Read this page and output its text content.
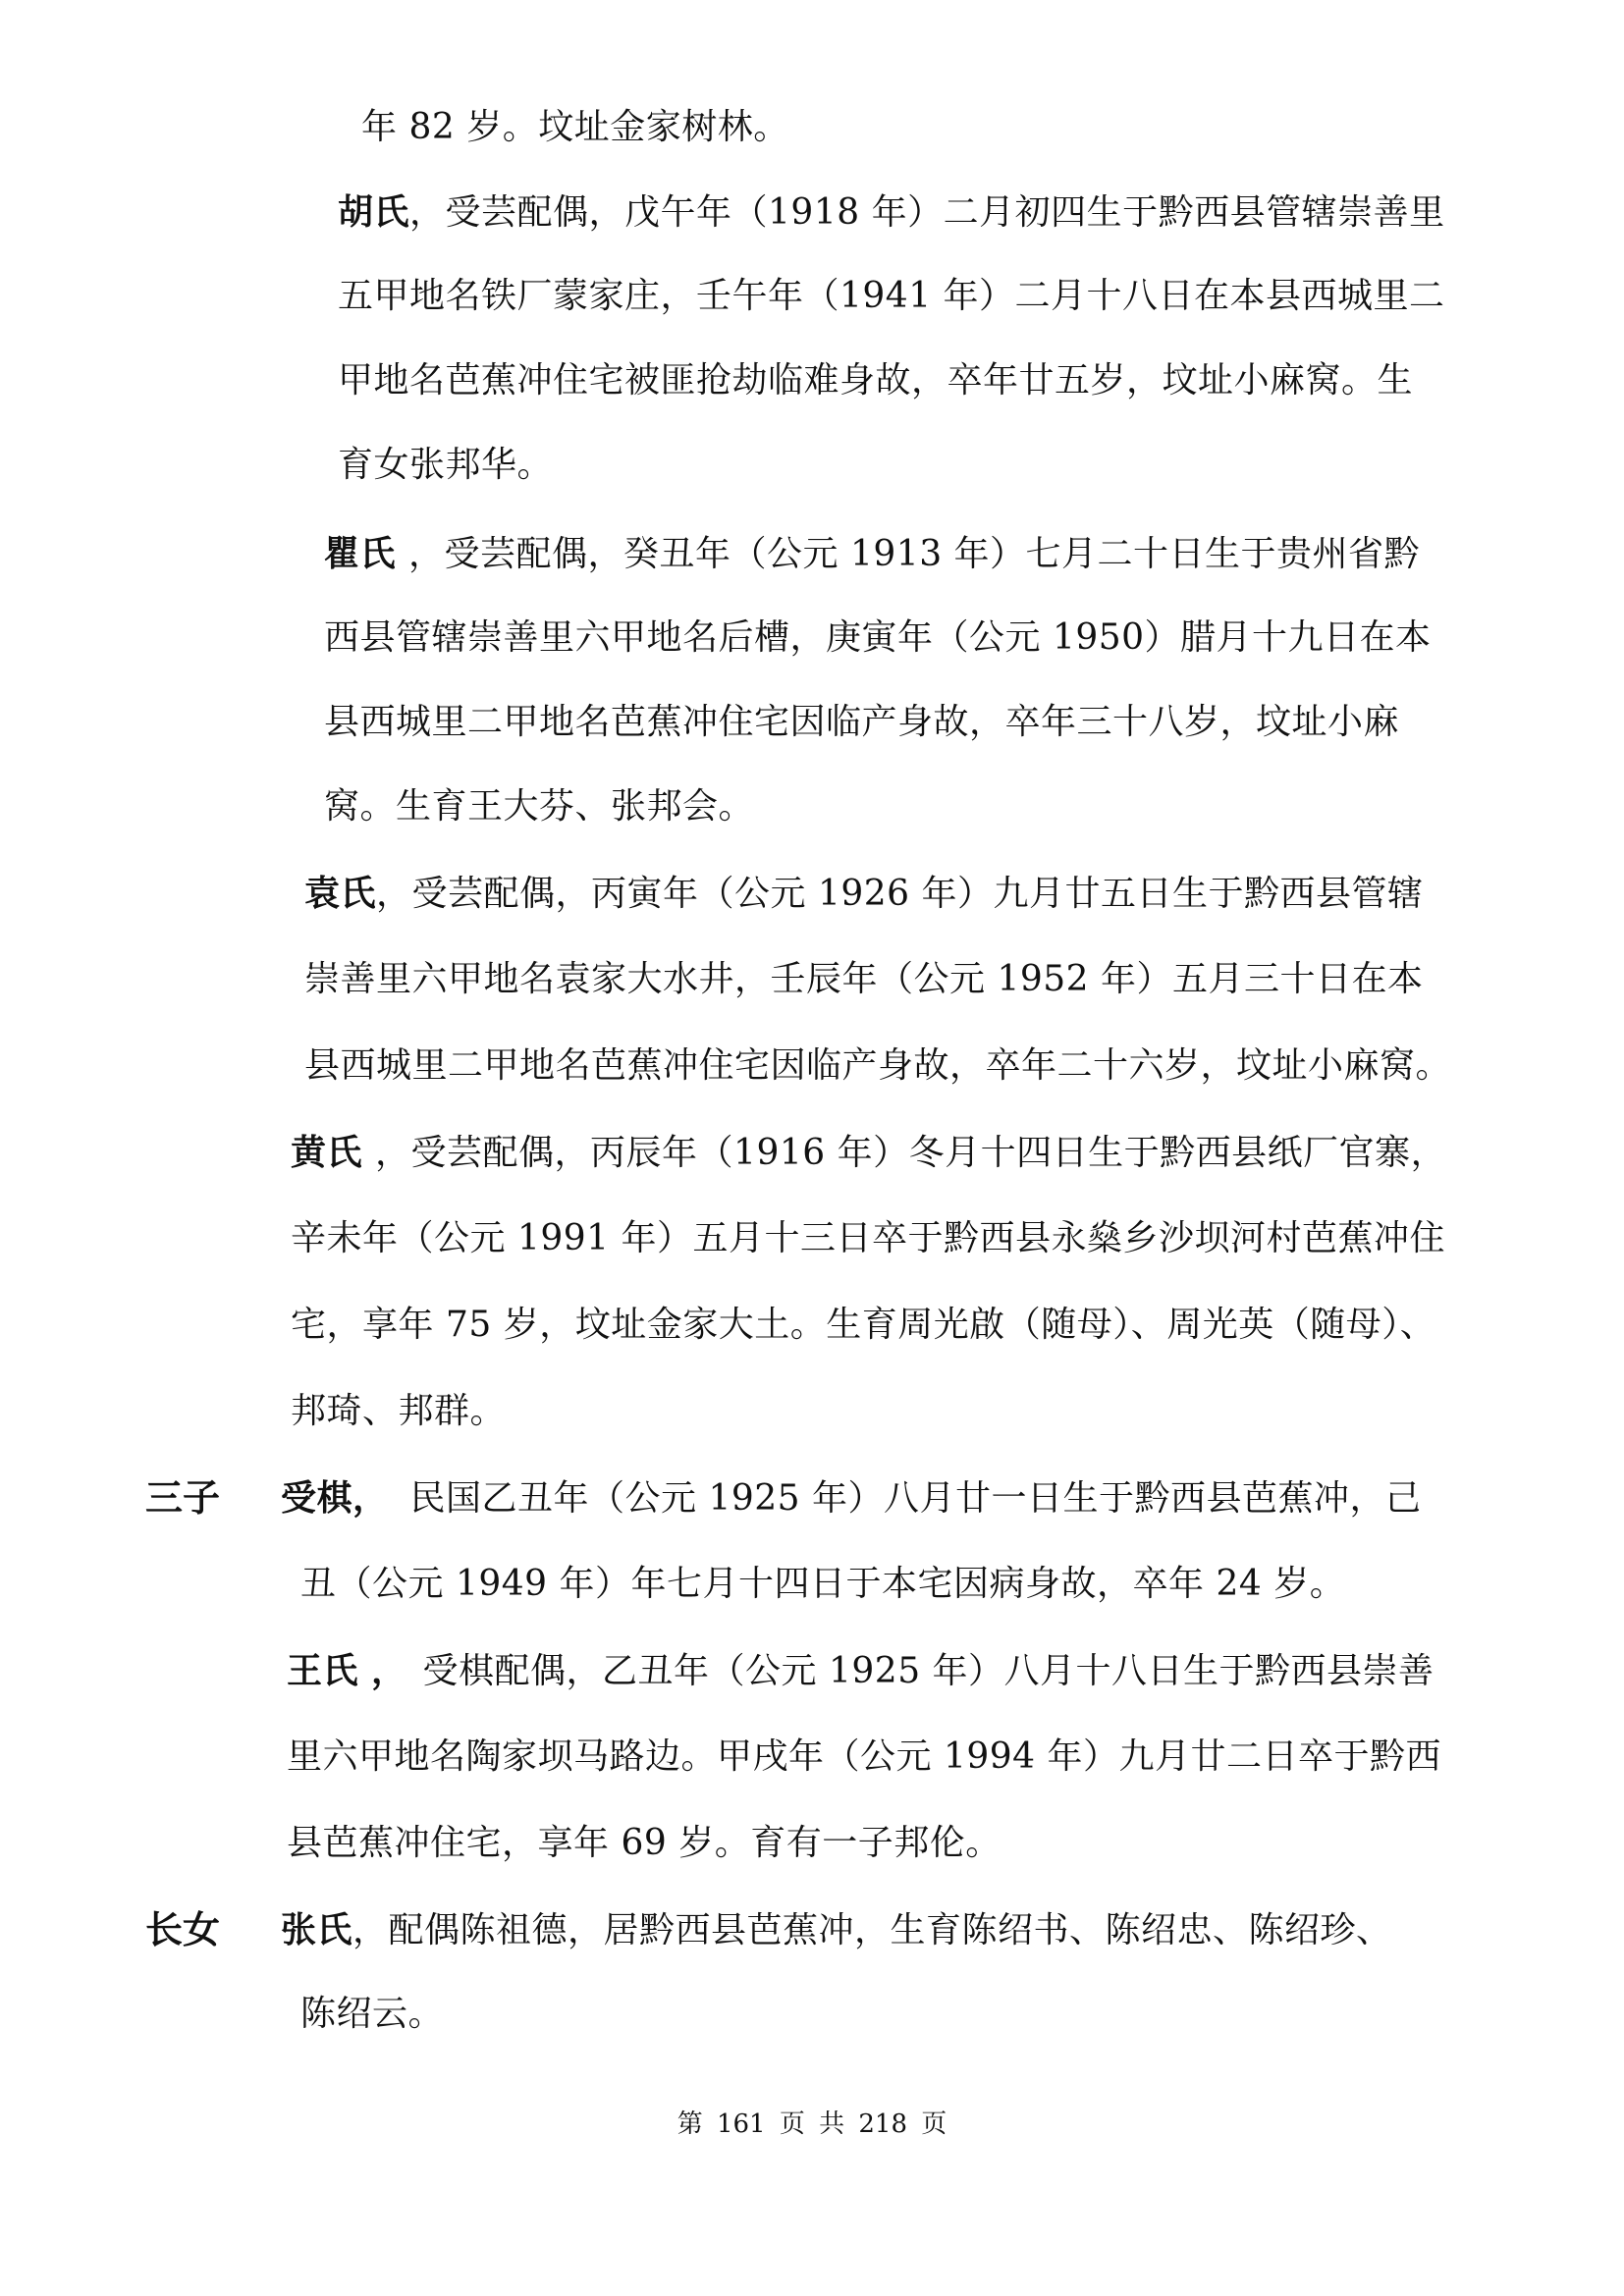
年 82 岁。坟址金家树林。
胡氏，受芸配偶，戊午年（1918 年）二月初四生于黔西县管辖崇善里
五甲地名铁厂蒙家庄，壬午年（1941 年）二月十八日在本县西城里二
甲地名芭蕉冲住宅被匪抢劫临难身故，卒年廿五岁，坟址小麻窝。生
育女张邦华。
瞿氏 ，受芸配偶，癸丑年（公元 1913 年）七月二十日生于贵州省黔
西县管辖崇善里六甲地名后槽，庚寅年（公元 1950）腊月十九日在本
县西城里二甲地名芭蕉冲住宅因临产身故，卒年三十八岁，坟址小麻
窝。生育王大芬、张邦会。
袁氏，受芸配偶，丙寅年（公元 1926 年）九月廿五日生于黔西县管辖
崇善里六甲地名袁家大水井，壬辰年（公元 1952 年）五月三十日在本
县西城里二甲地名芭蕉冲住宅因临产身故，卒年二十六岁，坟址小麻窝。
黄氏 ，受芸配偶，丙辰年（1916 年）冬月十四日生于黔西县纸厂官寨，
辛未年（公元 1991 年）五月十三日卒于黔西县永燊乡沙坝河村芭蕉冲住
宅，享年 75 岁，坟址金家大土。生育周光啟（随母）、周光英（随母）、
邦琦、邦群。
三子 受棋， 民国乙丑年（公元 1925 年）八月廿一日生于黔西县芭蕉冲，己
丑（公元 1949 年）年七月十四日于本宅因病身故，卒年 24 岁。
王氏 ， 受棋配偶，乙丑年（公元 1925 年）八月十八日生于黔西县崇善
里六甲地名陶家坝马路边。甲戌年（公元 1994 年）九月廿二日卒于黔西
县芭蕉冲住宅，享年 69 岁。育有一子邦伦。
长女 张氏，配偶陈祖德，居黔西县芭蕉冲，生育陈绍书、陈绍忠、陈绍珍、
陈绍云。
第 161 页 共 218 页
